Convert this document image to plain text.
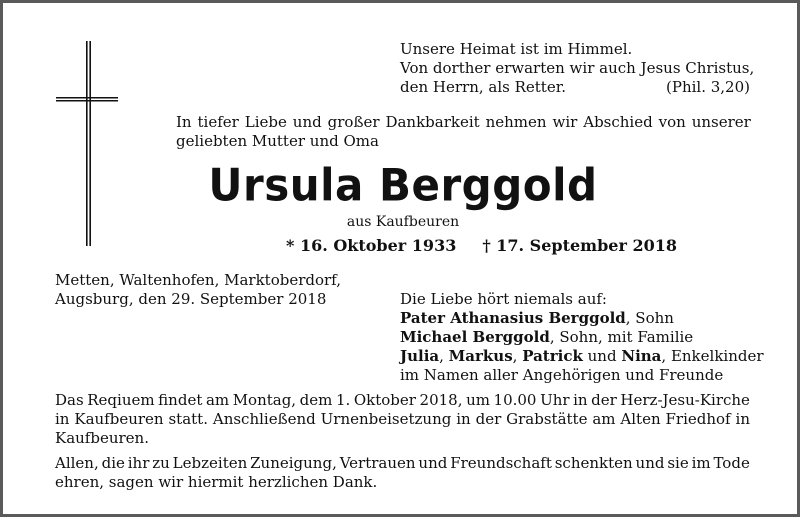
Unsere Heimat ist im Himmel.
Von dorther erwarten wir auch Jesus Christus,
den Herrn, als Retter.	(Phil. 3,20)
In tiefer Liebe und großer Dankbarkeit nehmen wir Abschied von unserer
geliebten Mutter und Oma
Ursula Berggold
aus Kaufbeuren
* 16. Oktober 1933 † 17. September 2018
Metten, Waltenhofen, Marktoberdorf,
Augsburg, den 29. September 2018	Die Liebe hört niemals auf:
Pater Athanasius Berggold, Sohn
Michael Berggold, Sohn, mit Familie
Julia, Markus, Patrick und Nina, Enkelkinder
im Namen aller Angehörigen und Freunde
Das Reqiuem findet am Montag, dem 1. Oktober 2018, um 10.00 Uhr in der Herz-Jesu-Kirche
in Kaufbeuren statt. Anschließend Urnenbeisetzung in der Grabstätte am Alten Friedhof in
Kaufbeuren.
Allen, die ihr zu Lebzeiten Zuneigung, Vertrauen und Freundschaft schenkten und sie im Tode
ehren, sagen wir hiermit herzlichen Dank.
